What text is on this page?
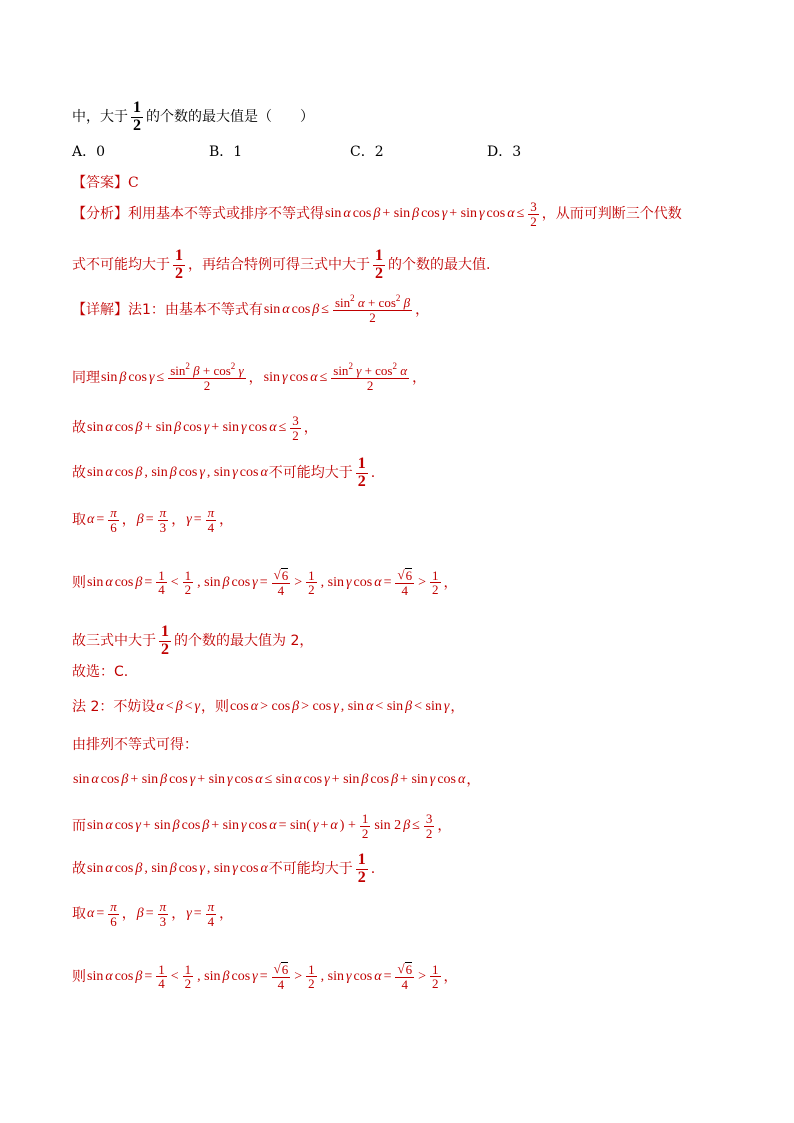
中，大于 $\frac{1}{2}$ 的个数的最大值是（　　）
A．0	B．1	C．2	D．3
【答案】 C
【分析】 利用基本不等式或排序不等式得 sin α cos β + sin β cos γ + sin γ $\cos \alpha \le \frac{3}{2}$ ，从而可判断三个代数
式不可能均大于 $\frac{1}{2}$ ，再结合特例可得三式中大于 $\frac{1}{2}$ 的个数的最大值.
【详解】 法1：由基本不等式有 sin α $\cos \beta \le \frac{\sin^2 \alpha + \cos^2 \beta}{2}$ ，
同理 sin β $\cos \gamma \le \frac{\sin^2 \beta + \cos^2 \gamma}{2}$ ， sin γ $\cos \alpha \le \frac{\sin^2 \gamma + \cos^2 \alpha}{2}$ ，
故 sin α cos β + sin β cos γ + sin γ $\cos \alpha \le \frac{3}{2}$ ，
故 sin α cos β , sin β cos γ , sin γ cos α 不可能均大于 $\frac{1}{2}$ .
取 $\alpha = \frac{\pi}{6}$ ， $\beta = \frac{\pi}{3}$ ， $\gamma = \frac{\pi}{4}$ ，
则 sin α $\cos \beta = \frac{1}{4} < \frac{1}{2}$ , sin β $\cos \gamma = \frac{√ 6}{4} > \frac{1}{2}$ , sin γ $\cos \alpha = \frac{√ 6}{4} > \frac{1}{2}$ ，
故三式中大于 $\frac{1}{2}$ 的个数的最大值为 2，
故选：C.
法 2：不妨设 α < β < γ ，则 cos α > cos β > cos γ , sin α < sin β < sin γ ，
由排列不等式可得：
sin α cos β + sin β cos γ + sin γ cos α ≤ sin α cos γ + sin β cos β + sin γ cos α ，
而 sin α cos γ + sin β cos β + sin γ cos α = sin( γ + α ) + $\frac{1}{2}$ sin 2 $\beta \le \frac{3}{2}$ ，
故 sin α cos β , sin β cos γ , sin γ cos α 不可能均大于 $\frac{1}{2}$ .
取 $\alpha = \frac{\pi}{6}$ ， $\beta = \frac{\pi}{3}$ ， $\gamma = \frac{\pi}{4}$ ，
则 sin α $\cos \beta = \frac{1}{4} < \frac{1}{2}$ , sin β $\cos \gamma = \frac{√ 6}{4} > \frac{1}{2}$ , sin γ $\cos \alpha = \frac{√ 6}{4} > \frac{1}{2}$ ，
